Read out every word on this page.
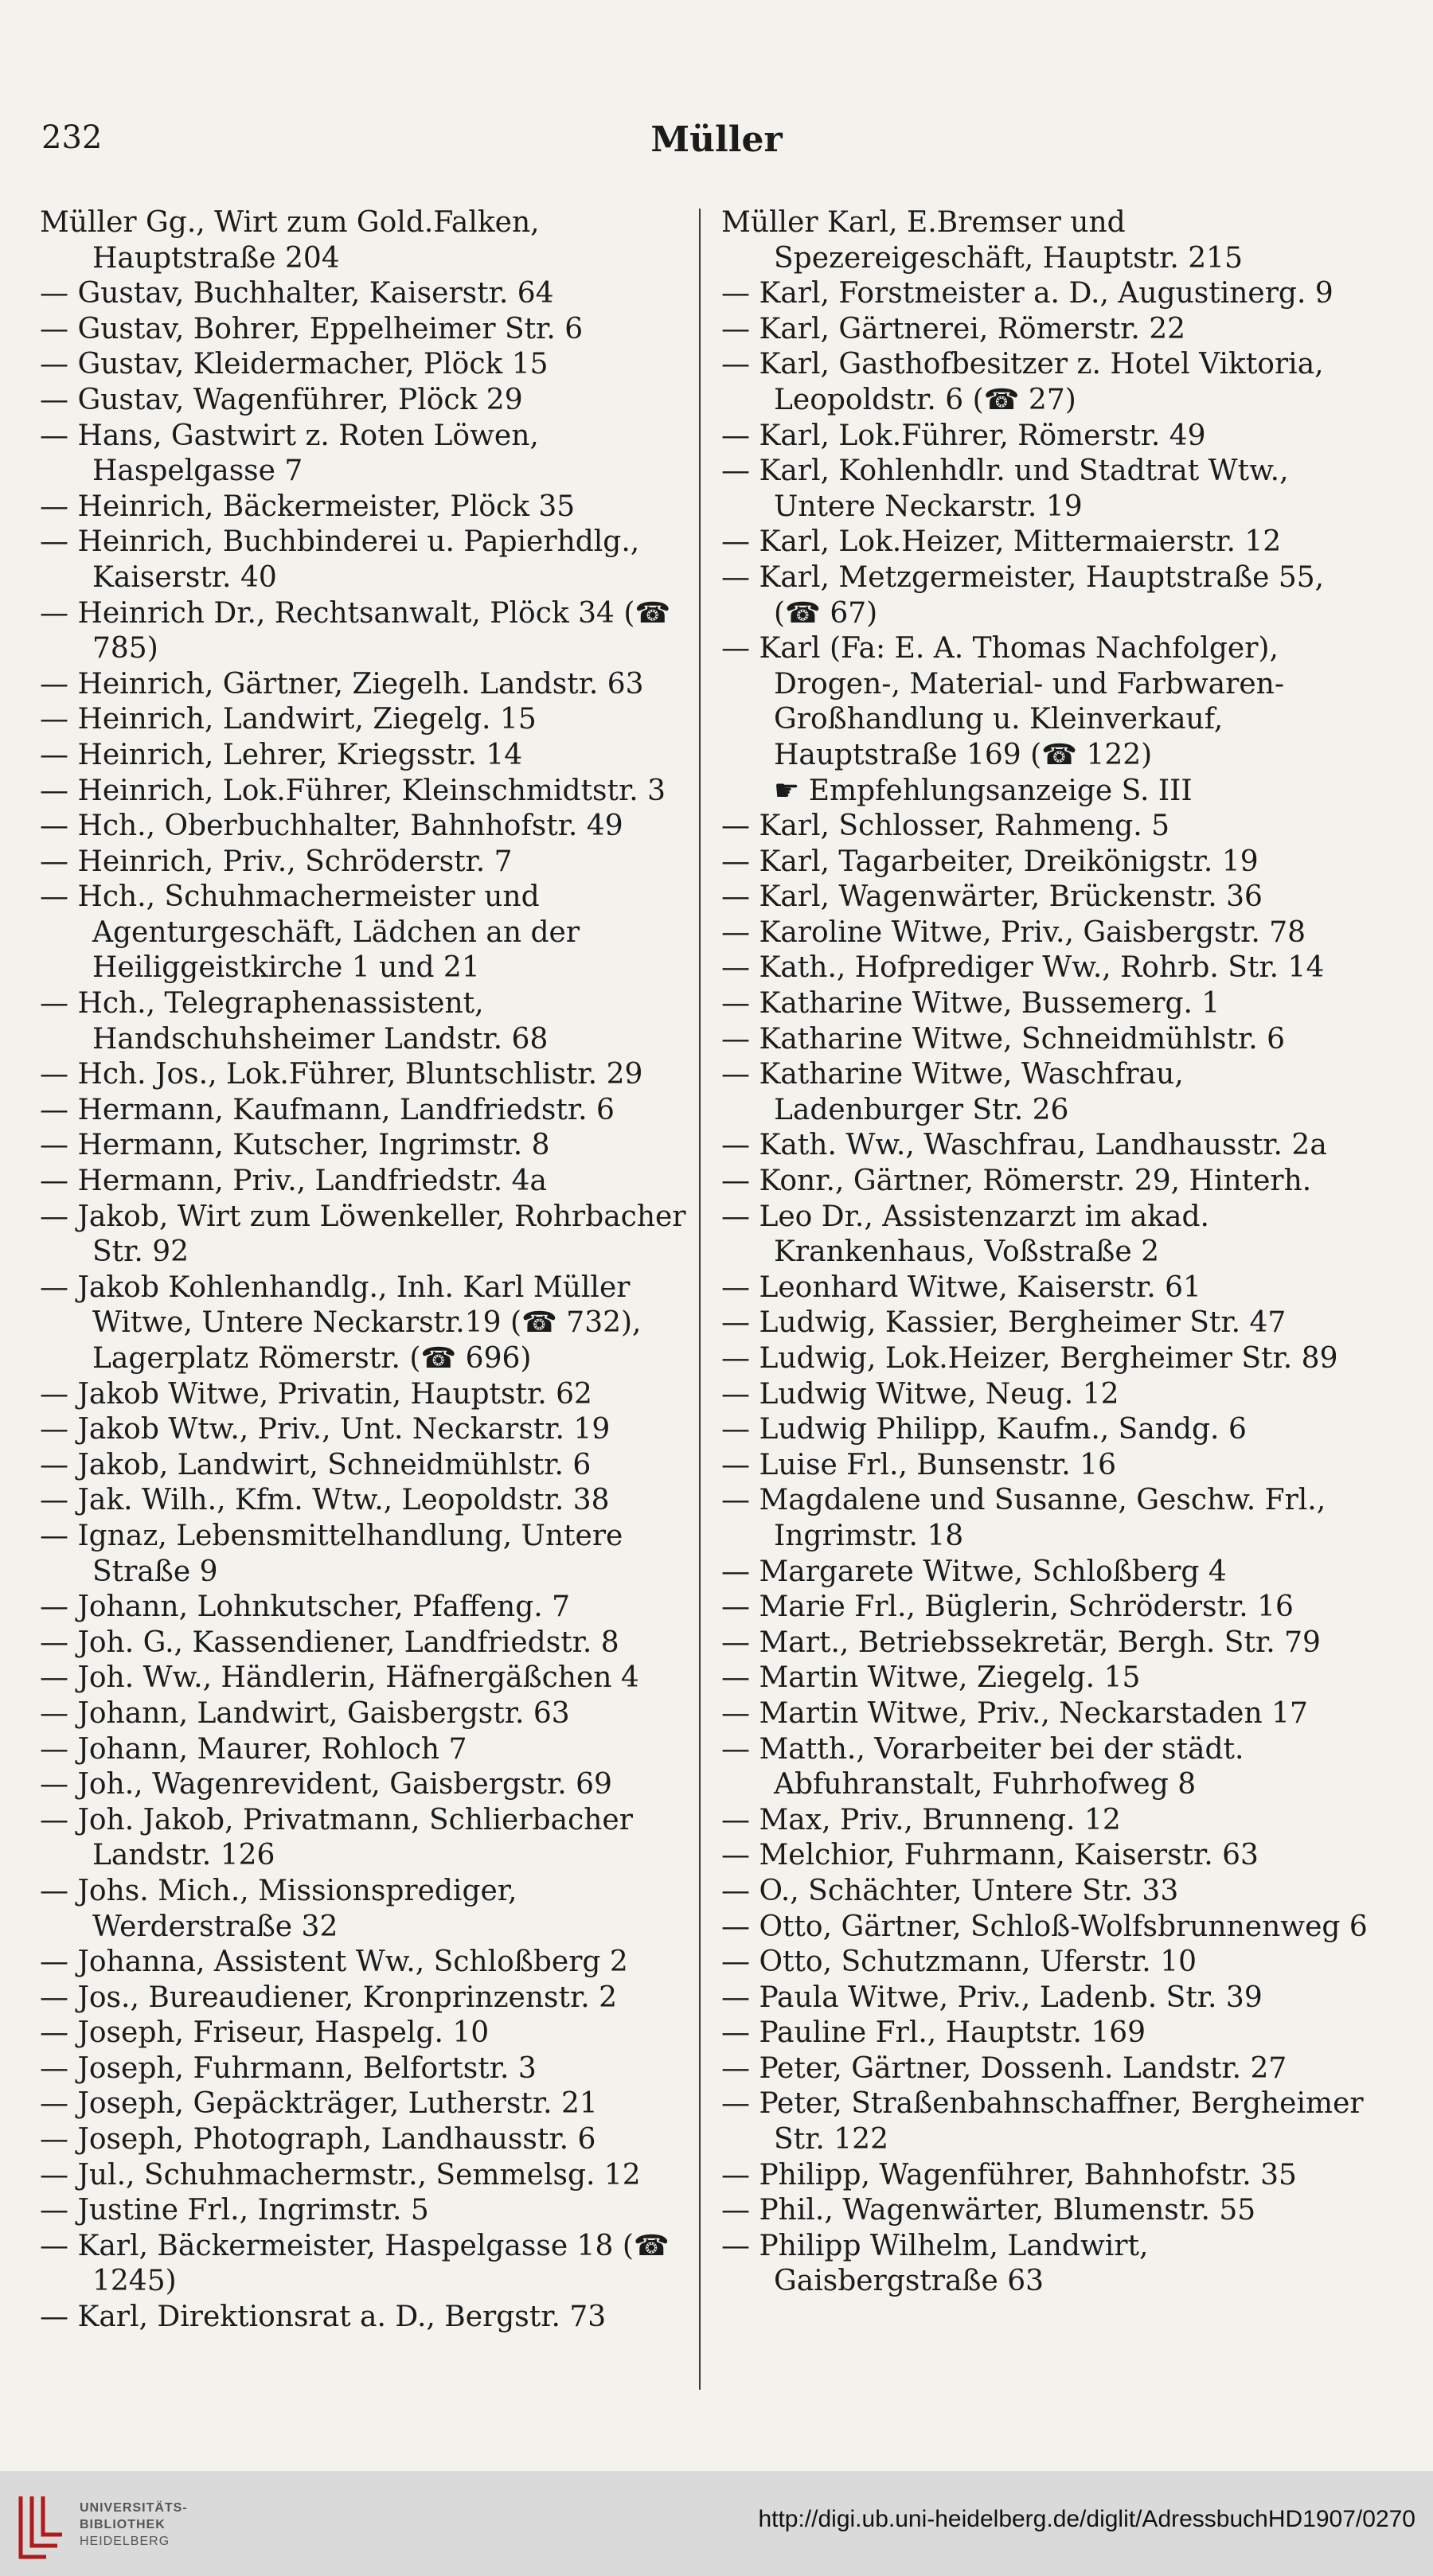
232	Müller
Müller Gg., Wirt zum Gold.Falken, Hauptstraße 204
— Gustav, Buchhalter, Kaiserstr. 64
— Gustav, Bohrer, Eppelheimer Str. 6
— Gustav, Kleidermacher, Plöck 15
— Gustav, Wagenführer, Plöck 29
— Hans, Gastwirt z. Roten Löwen, Haspelgasse 7
— Heinrich, Bäckermeister, Plöck 35
— Heinrich, Buchbinderei u. Papierhdlg., Kaiserstr. 40
— Heinrich Dr., Rechtsanwalt, Plöck 34 (☎ 785)
— Heinrich, Gärtner, Ziegelh. Landstr. 63
— Heinrich, Landwirt, Ziegelg. 15
— Heinrich, Lehrer, Kriegsstr. 14
— Heinrich, Lok.Führer, Kleinschmidtstr. 3
— Hch., Oberbuchhalter, Bahnhofstr. 49
— Heinrich, Priv., Schröderstr. 7
— Hch., Schuhmachermeister und Agenturgeschäft, Lädchen an der Heiliggeistkirche 1 und 21
— Hch., Telegraphenassistent, Handschuhsheimer Landstr. 68
— Hch. Jos., Lok.Führer, Bluntschlistr. 29
— Hermann, Kaufmann, Landfriedstr. 6
— Hermann, Kutscher, Ingrimstr. 8
— Hermann, Priv., Landfriedstr. 4a
— Jakob, Wirt zum Löwenkeller, Rohrbacher Str. 92
— Jakob Kohlenhandlg., Inh. Karl Müller Witwe, Untere Neckarstr.19 (☎ 732), Lagerplatz Römerstr. (☎ 696)
— Jakob Witwe, Privatin, Hauptstr. 62
— Jakob Wtw., Priv., Unt. Neckarstr. 19
— Jakob, Landwirt, Schneidmühlstr. 6
— Jak. Wilh., Kfm. Wtw., Leopoldstr. 38
— Ignaz, Lebensmittelhandlung, Untere Straße 9
— Johann, Lohnkutscher, Pfaffeng. 7
— Joh. G., Kassendiener, Landfriedstr. 8
— Joh. Ww., Händlerin, Häfnergäßchen 4
— Johann, Landwirt, Gaisbergstr. 63
— Johann, Maurer, Rohloch 7
— Joh., Wagenrevident, Gaisbergstr. 69
— Joh. Jakob, Privatmann, Schlierbacher Landstr. 126
— Johs. Mich., Missionsprediger, Werderstraße 32
— Johanna, Assistent Ww., Schloßberg 2
— Jos., Bureaudiener, Kronprinzenstr. 2
— Joseph, Friseur, Haspelg. 10
— Joseph, Fuhrmann, Belfortstr. 3
— Joseph, Gepäckträger, Lutherstr. 21
— Joseph, Photograph, Landhausstr. 6
— Jul., Schuhmachermstr., Semmelsg. 12
— Justine Frl., Ingrimstr. 5
— Karl, Bäckermeister, Haspelgasse 18 (☎ 1245)
— Karl, Direktionsrat a. D., Bergstr. 73
Müller Karl, E.Bremser und Spezereigeschäft, Hauptstr. 215
— Karl, Forstmeister a. D., Augustinerg. 9
— Karl, Gärtnerei, Römerstr. 22
— Karl, Gasthofbesitzer z. Hotel Viktoria, Leopoldstr. 6 (☎ 27)
— Karl, Lok.Führer, Römerstr. 49
— Karl, Kohlenhdlr. und Stadtrat Wtw., Untere Neckarstr. 19
— Karl, Lok.Heizer, Mittermaierstr. 12
— Karl, Metzgermeister, Hauptstraße 55, (☎ 67)
— Karl (Fa: E. A. Thomas Nachfolger), Drogen-, Material- und Farbwaren-Großhandlung u. Kleinverkauf, Hauptstraße 169 (☎ 122)
☛ Empfehlungsanzeige S. III
— Karl, Schlosser, Rahmeng. 5
— Karl, Tagarbeiter, Dreikönigstr. 19
— Karl, Wagenwärter, Brückenstr. 36
— Karoline Witwe, Priv., Gaisbergstr. 78
— Kath., Hofprediger Ww., Rohrb. Str. 14
— Katharine Witwe, Bussemerg. 1
— Katharine Witwe, Schneidmühlstr. 6
— Katharine Witwe, Waschfrau, Ladenburger Str. 26
— Kath. Ww., Waschfrau, Landhausstr. 2a
— Konr., Gärtner, Römerstr. 29, Hinterh.
— Leo Dr., Assistenzarzt im akad. Krankenhaus, Voßstraße 2
— Leonhard Witwe, Kaiserstr. 61
— Ludwig, Kassier, Bergheimer Str. 47
— Ludwig, Lok.Heizer, Bergheimer Str. 89
— Ludwig Witwe, Neug. 12
— Ludwig Philipp, Kaufm., Sandg. 6
— Luise Frl., Bunsenstr. 16
— Magdalene und Susanne, Geschw. Frl., Ingrimstr. 18
— Margarete Witwe, Schloßberg 4
— Marie Frl., Büglerin, Schröderstr. 16
— Mart., Betriebssekretär, Bergh. Str. 79
— Martin Witwe, Ziegelg. 15
— Martin Witwe, Priv., Neckarstaden 17
— Matth., Vorarbeiter bei der städt. Abfuhranstalt, Fuhrhofweg 8
— Max, Priv., Brunneng. 12
— Melchior, Fuhrmann, Kaiserstr. 63
— O., Schächter, Untere Str. 33
— Otto, Gärtner, Schloß-Wolfsbrunnenweg 6
— Otto, Schutzmann, Uferstr. 10
— Paula Witwe, Priv., Ladenb. Str. 39
— Pauline Frl., Hauptstr. 169
— Peter, Gärtner, Dossenh. Landstr. 27
— Peter, Straßenbahnschaffner, Bergheimer Str. 122
— Philipp, Wagenführer, Bahnhofstr. 35
— Phil., Wagenwärter, Blumenstr. 55
— Philipp Wilhelm, Landwirt, Gaisbergstraße 63
UNIVERSITÄTS-
BIBLIOTHEK
HEIDELBERG
http://digi.ub.uni-heidelberg.de/diglit/AdressbuchHD1907/0270
